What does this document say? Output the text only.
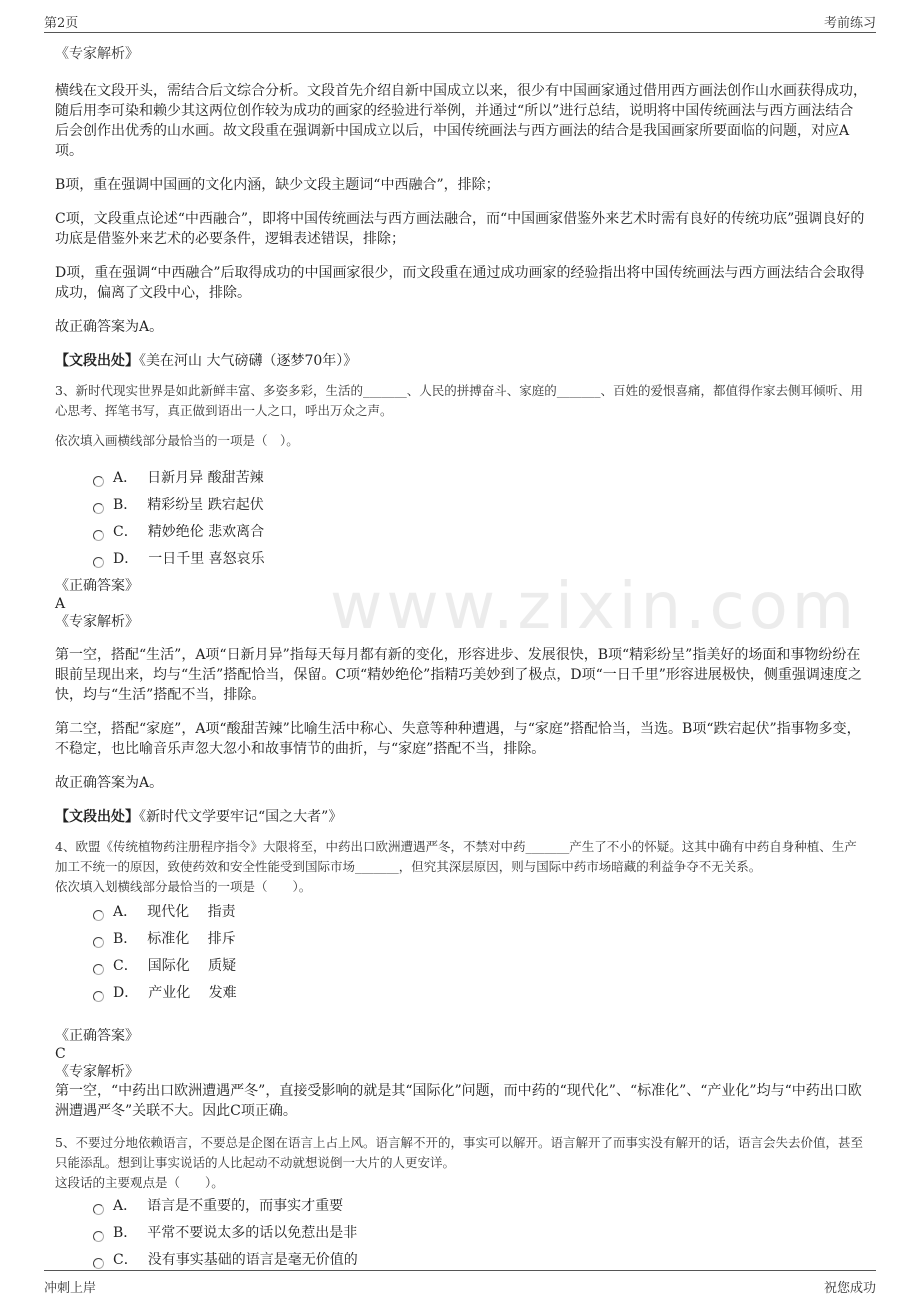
第2页	考前练习
www.zixin.com

《专家解析》

横线在文段开头，需结合后文综合分析。文段首先介绍自新中国成立以来，很少有中国画家通过借用西方画法创作山水画获得成功，随后用李可染和赖少其这两位创作较为成功的画家的经验进行举例，并通过“所以”进行总结，说明将中国传统画法与西方画法结合后会创作出优秀的山水画。故文段重在强调新中国成立以后，中国传统画法与西方画法的结合是我国画家所要面临的问题，对应A项。

B项，重在强调中国画的文化内涵，缺少文段主题词“中西融合”，排除；

C项，文段重点论述“中西融合”，即将中国传统画法与西方画法融合，而“中国画家借鉴外来艺术时需有良好的传统功底”强调良好的功底是借鉴外来艺术的必要条件，逻辑表述错误，排除；

D项，重在强调“中西融合”后取得成功的中国画家很少，而文段重在通过成功画家的经验指出将中国传统画法与西方画法结合会取得成功，偏离了文段中心，排除。

故正确答案为A。

【文段出处】《美在河山 大气磅礴（逐梦70年）》

3、新时代现实世界是如此新鲜丰富、多姿多彩，生活的_______、人民的拼搏奋斗、家庭的_______、百姓的爱恨喜痛，都值得作家去侧耳倾听、用心思考、挥笔书写，真正做到语出一人之口，呼出万众之声。

依次填入画横线部分最恰当的一项是（　）。

A． 日新月异 酸甜苦辣
B． 精彩纷呈 跌宕起伏
C． 精妙绝伦 悲欢离合
D． 一日千里 喜怒哀乐

《正确答案》

A

《专家解析》

第一空，搭配“生活”，A项“日新月异”指每天每月都有新的变化，形容进步、发展很快，B项“精彩纷呈”指美好的场面和事物纷纷在眼前呈现出来，均与“生活”搭配恰当，保留。C项“精妙绝伦”指精巧美妙到了极点，D项“一日千里”形容进展极快，侧重强调速度之快，均与“生活”搭配不当，排除。

第二空，搭配“家庭”，A项“酸甜苦辣”比喻生活中称心、失意等种种遭遇，与“家庭”搭配恰当，当选。B项“跌宕起伏”指事物多变，不稳定，也比喻音乐声忽大忽小和故事情节的曲折，与“家庭”搭配不当，排除。

故正确答案为A。

【文段出处】《新时代文学要牢记“国之大者”》

4、欧盟《传统植物药注册程序指令》大限将至，中药出口欧洲遭遇严冬，不禁对中药_______产生了不小的怀疑。这其中确有中药自身种植、生产加工不统一的原因，致使药效和安全性能受到国际市场_______，但究其深层原因，则与国际中药市场暗藏的利益争夺不无关系。

依次填入划横线部分最恰当的一项是（　　）。

A． 现代化　 指责
B． 标准化　 排斥
C． 国际化　 质疑
D． 产业化　 发难

《正确答案》

C

《专家解析》

第一空，“中药出口欧洲遭遇严冬”，直接受影响的就是其“国际化”问题，而中药的“现代化”、“标准化”、“产业化”均与“中药出口欧洲遭遇严冬”关联不大。因此C项正确。

5、不要过分地依赖语言，不要总是企图在语言上占上风。语言解不开的，事实可以解开。语言解开了而事实没有解开的话，语言会失去价值，甚至只能添乱。想到让事实说话的人比起动不动就想说倒一大片的人更安详。

这段话的主要观点是（　　）。

A． 语言是不重要的，而事实才重要
B． 平常不要说太多的话以免惹出是非
C． 没有事实基础的语言是毫无价值的
冲刺上岸	祝您成功
